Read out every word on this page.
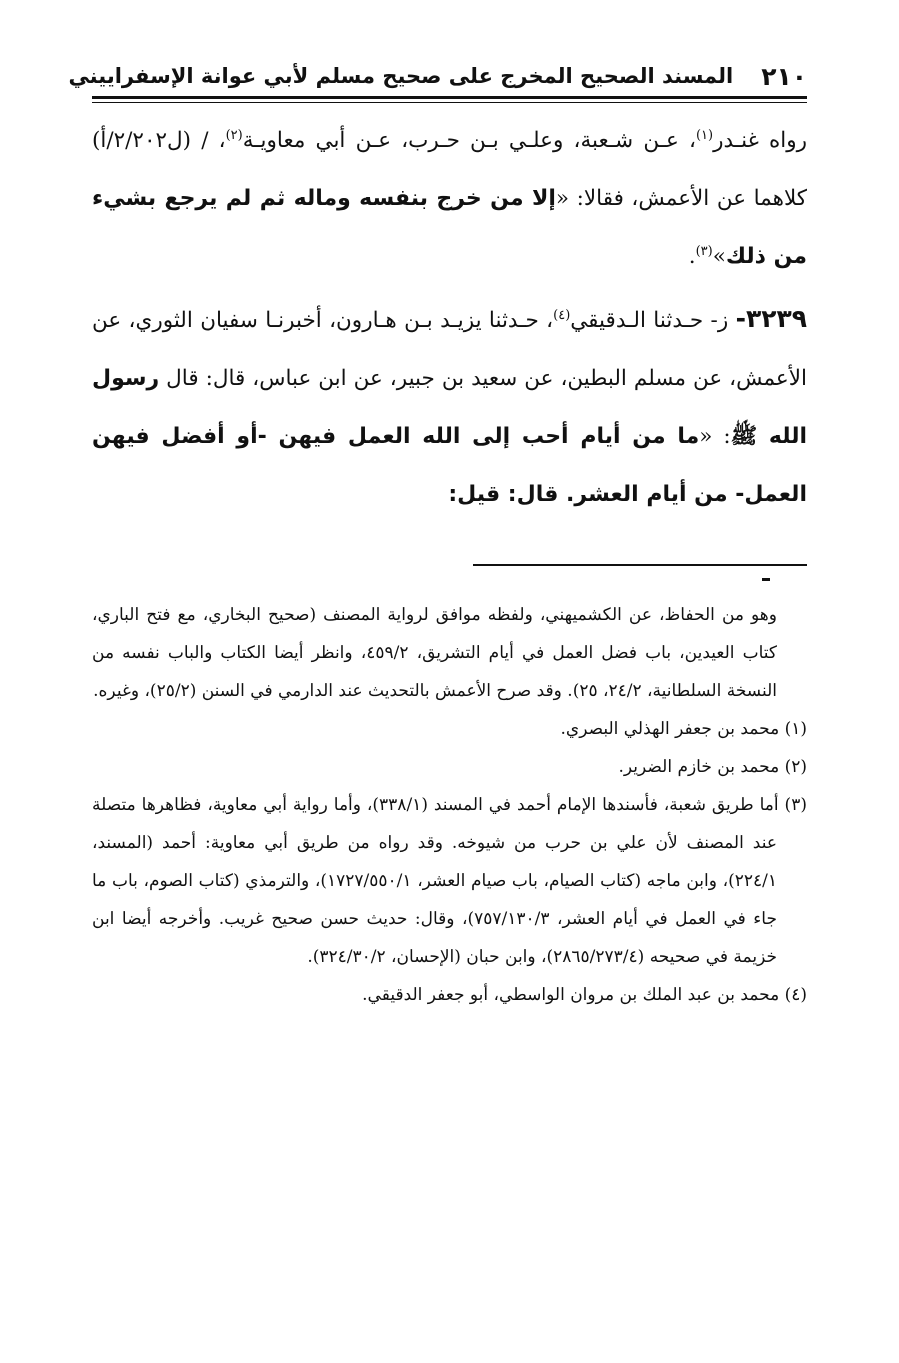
٢١٠
المسند الصحيح المخرج على صحيح مسلم لأبي عوانة الإسفراييني

رواه غنـدر$^{(١)}$، عـن شـعبة، وعلـي بـن حـرب، عـن أبي معاويـة$^{(٢)}$، / (ل٢/٢٠٢/أ) كلاهما عن الأعمش، فقالا: «إلا من خرج بنفسه وماله ثم لم يرجع بشيء من ذلك»$^{(٣)}$.

٣٢٣٩- ز- حـدثنا الـدقيقي$^{(٤)}$، حـدثنا يزيـد بـن هـارون، أخبرنـا سفيان الثوري، عن الأعمش، عن مسلم البطين، عن سعيد بن جبير، عن ابن عباس، قال: قال رسول الله ﷺ: «ما من أيام أحب إلى الله العمل فيهن -أو أفضل فيهن العمل- من أيام العشر. قال: قيل:

وهو من الحفاظ، عن الكشميهني، ولفظه موافق لرواية المصنف (صحيح البخاري، مع فتح الباري، كتاب العيدين، باب فضل العمل في أيام التشريق، ٤٥٩/٢، وانظر أيضا الكتاب والباب نفسه من النسخة السلطانية، ٢٤/٢، ٢٥). وقد صرح الأعمش بالتحديث عند الدارمي في السنن (٢٥/٢)، وغيره.

(١) محمد بن جعفر الهذلي البصري.

(٢) محمد بن خازم الضرير.

(٣) أما طريق شعبة، فأسندها الإمام أحمد في المسند (٣٣٨/١)، وأما رواية أبي معاوية، فظاهرها متصلة عند المصنف لأن علي بن حرب من شيوخه. وقد رواه من طريق أبي معاوية: أحمد (المسند، ٢٢٤/١)، وابن ماجه (كتاب الصيام، باب صيام العشر، ١٧٢٧/٥٥٠/١)، والترمذي (كتاب الصوم، باب ما جاء في العمل في أيام العشر، ٧٥٧/١٣٠/٣)، وقال: حديث حسن صحيح غريب. وأخرجه أيضا ابن خزيمة في صحيحه (٢٨٦٥/٢٧٣/٤)، وابن حبان (الإحسان، ٣٢٤/٣٠/٢).

(٤) محمد بن عبد الملك بن مروان الواسطي، أبو جعفر الدقيقي.
